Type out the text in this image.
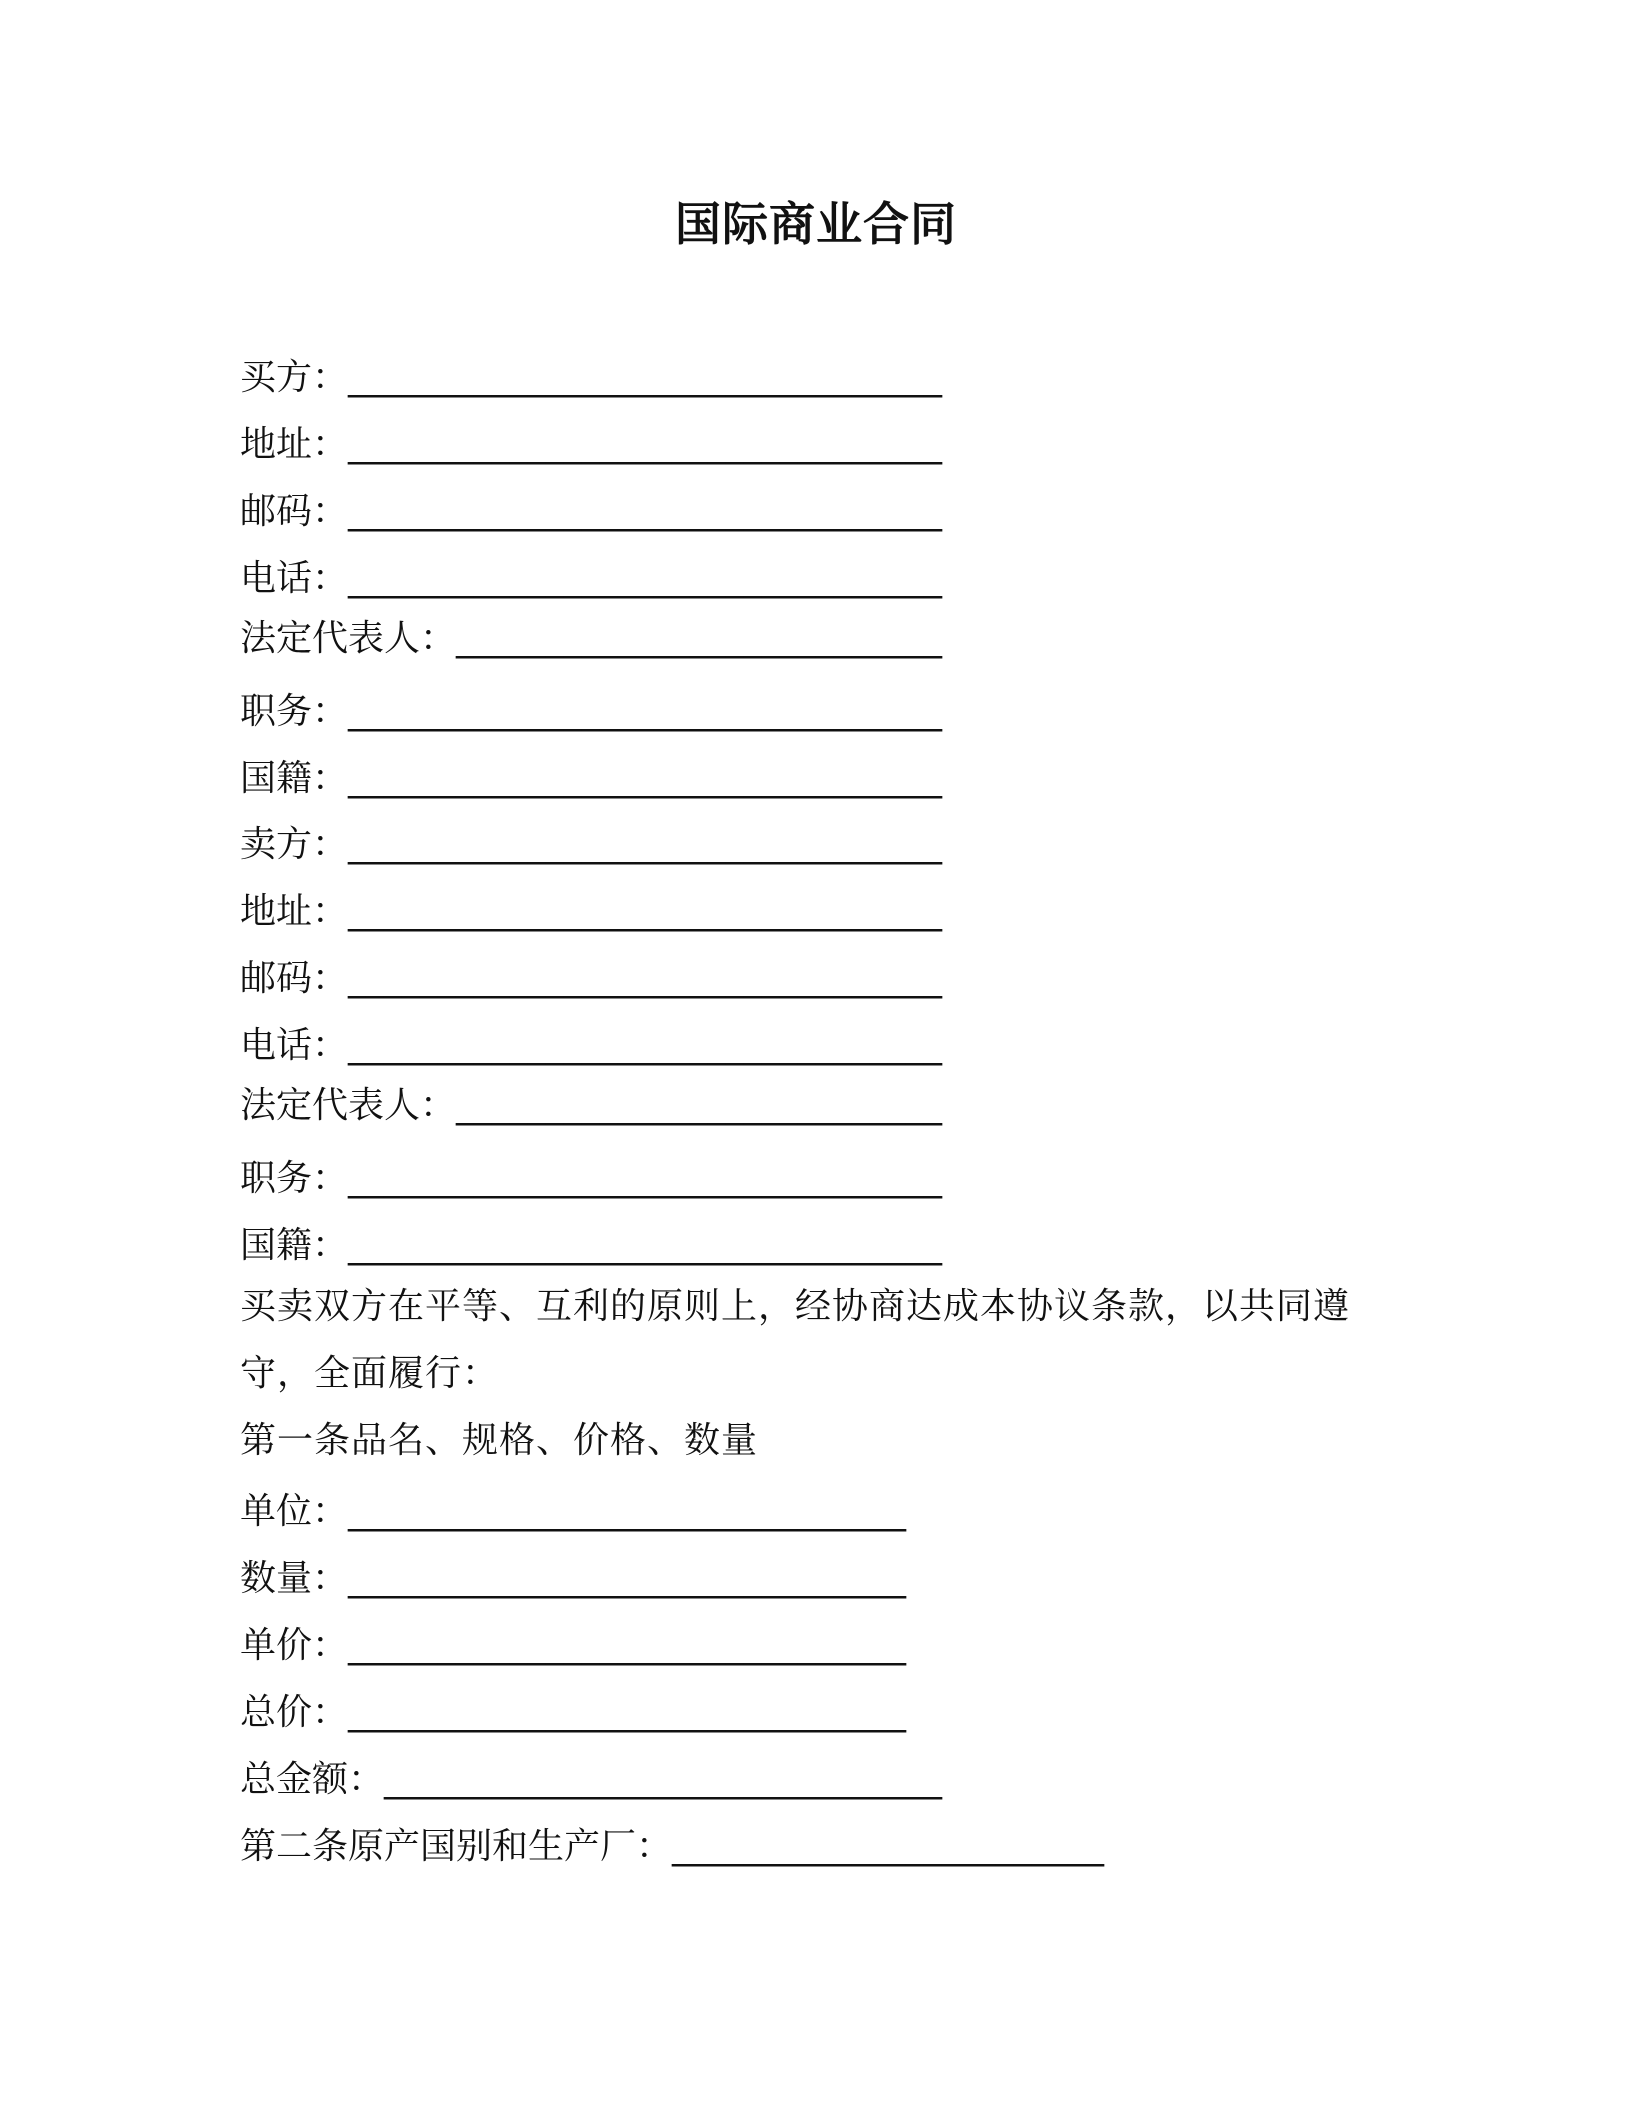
国际商业合同
买方：_________________________________
地址：_________________________________
邮码：_________________________________
电话：_________________________________
法定代表人：___________________________
职务：_________________________________
国籍：_________________________________
卖方：_________________________________
地址：_________________________________
邮码：_________________________________
电话：_________________________________
法定代表人：___________________________
职务：_________________________________
国籍：_________________________________
买卖双方在平等、互利的原则上，经协商达成本协议条款，以共同遵
守，全面履行：
第一条品名、规格、价格、数量
单位：_______________________________
数量：_______________________________
单价：_______________________________
总价：_______________________________
总金额：_______________________________
第二条原产国别和生产厂：________________________
